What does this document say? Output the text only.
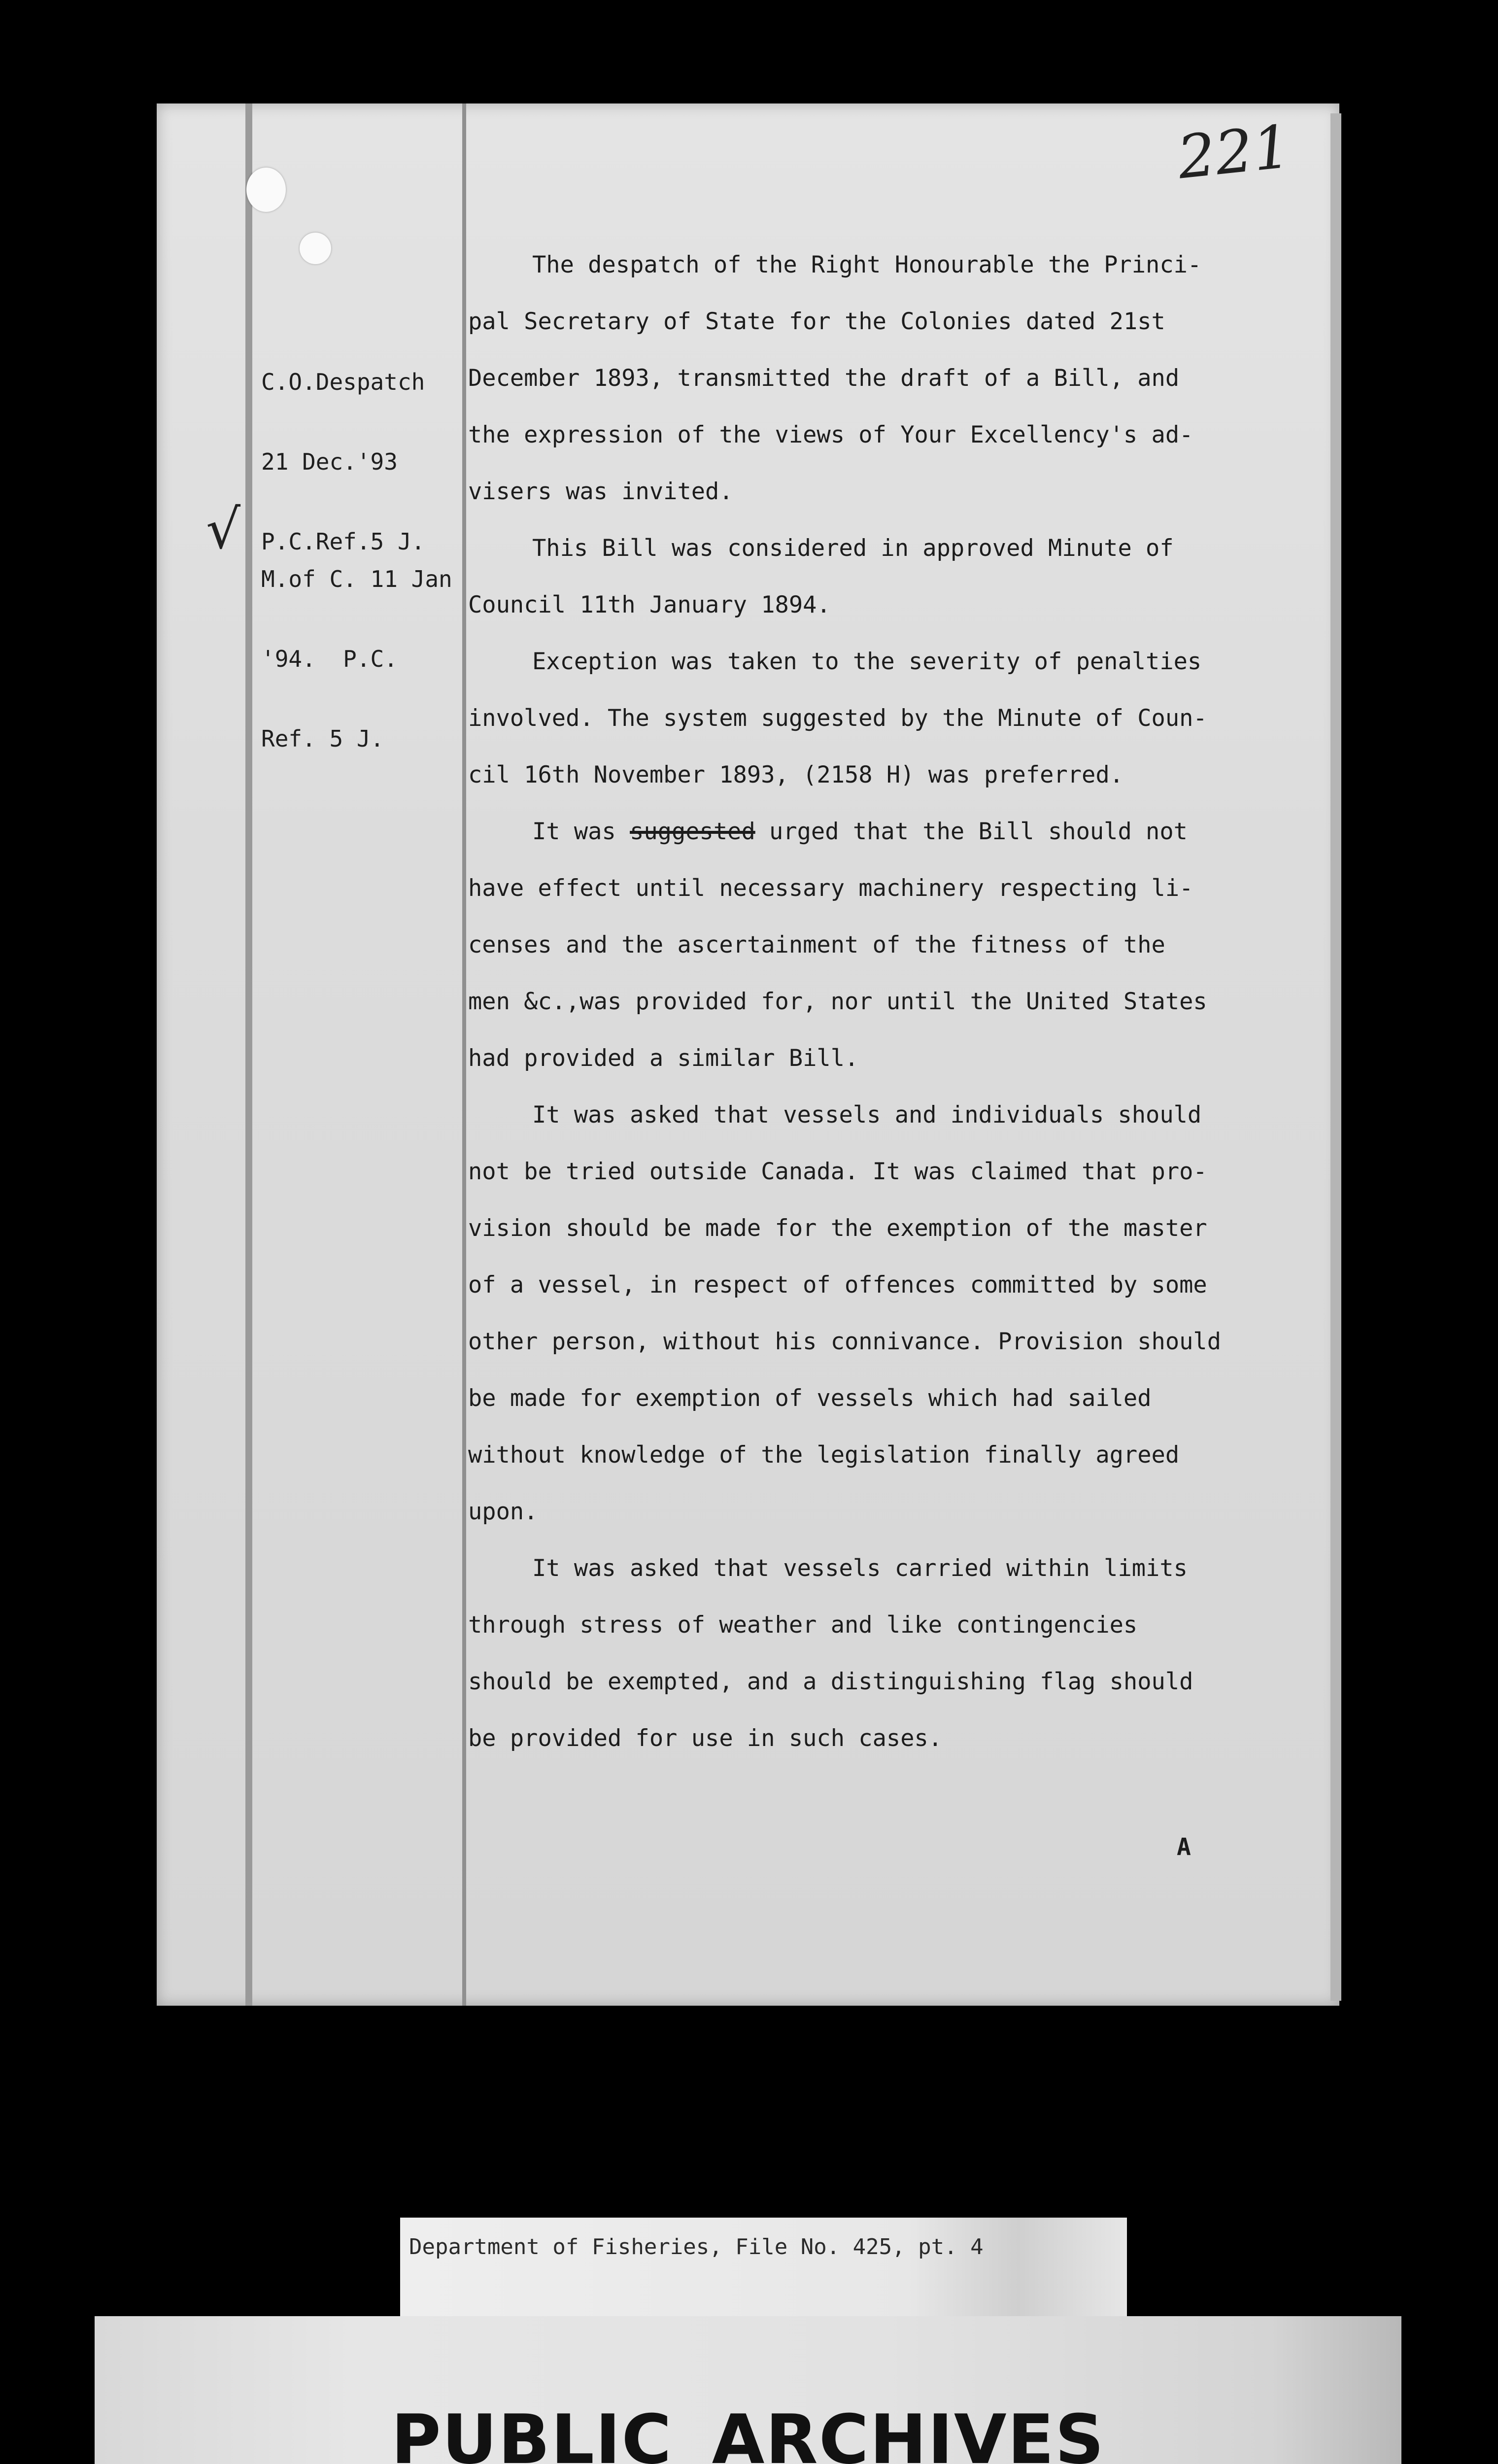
221
√

C.O.Despatch

21 Dec.'93

P.C.Ref.5 J.

M.of C. 11 Jan

'94.  P.C.

Ref. 5 J.

The despatch of the Right Honourable the Princi-
pal Secretary of State for the Colonies dated 21st
December 1893, transmitted the draft of a Bill, and
the expression of the views of Your Excellency's ad-
visers was invited.
This Bill was considered in approved Minute of
Council 11th January 1894.
Exception was taken to the severity of penalties
involved. The system suggested by the Minute of Coun-
cil 16th November 1893, (2158 H) was preferred.
It was suggested urged that the Bill should not
have effect until necessary machinery respecting li-
censes and the ascertainment of the fitness of the
men &c.,was provided for, nor until the United States
had provided a similar Bill.
It was asked that vessels and individuals should
not be tried outside Canada. It was claimed that pro-
vision should be made for the exemption of the master
of a vessel, in respect of offences committed by some
other person, without his connivance. Provision should
be made for exemption of vessels which had sailed
without knowledge of the legislation finally agreed
upon.
It was asked that vessels carried within limits
through stress of weather and like contingencies
should be exempted, and a distinguishing flag should
be provided for use in such cases.
A
Department of Fisheries, File No. 425, pt. 4
PUBLIC ARCHIVES
